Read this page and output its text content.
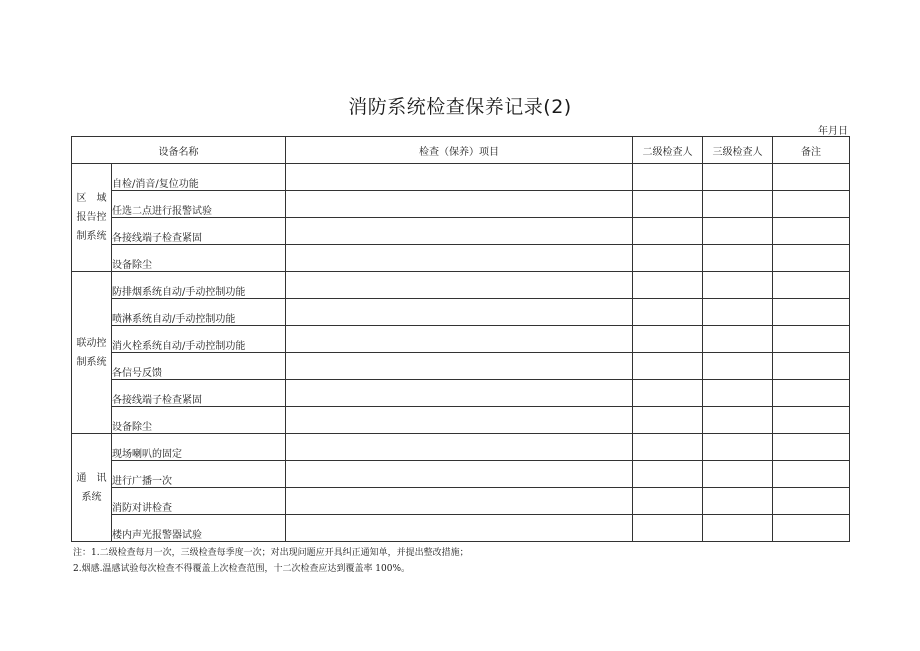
消防系统检查保养记录(2)
年月日
设备名称		检查（保养）项目	二级检查人	三级检查人	备注

区　域
报告控
制系统	自检/消音/复位功能				
	任选二点进行报警试验				
	各接线端子检查紧固				
	设备除尘				

联动控
制系统	防排烟系统自动/手动控制功能				
	喷淋系统自动/手动控制功能				
	消火栓系统自动/手动控制功能				
	各信号反馈				
	各接线端子检查紧固				
	设备除尘				

通　讯
系统	现场喇叭的固定				
	进行广播一次				
	消防对讲检查				
	楼内声光报警器试验				
注：1.二级检查每月一次，三级检查每季度一次；对出现问题应开具纠正通知单，并提出整改措施；
2.烟感.温感试验每次检查不得覆盖上次检查范围，十二次检查应达到覆盖率 100%。
